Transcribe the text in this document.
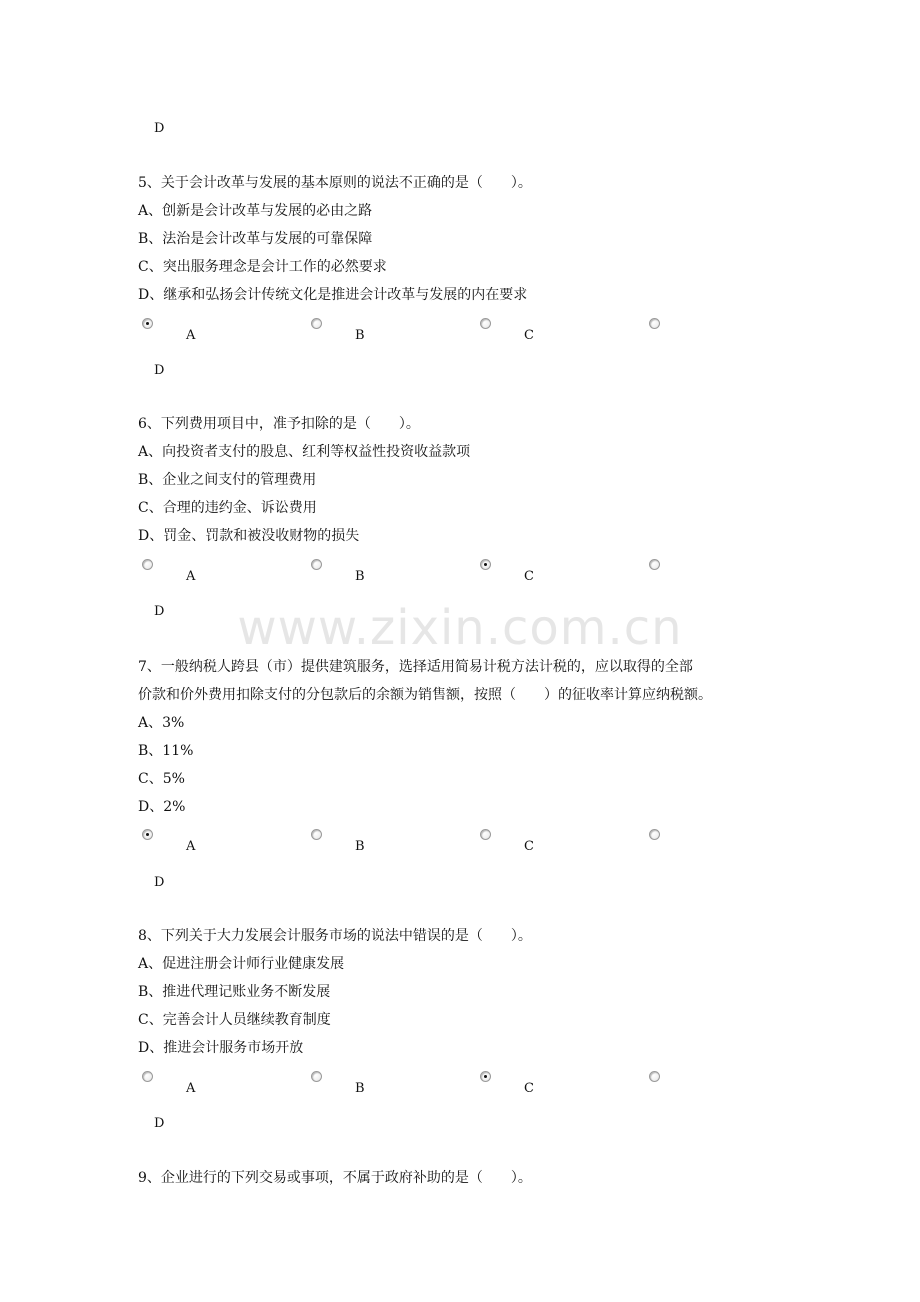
www.zixin.com.cn
D
5、关于会计改革与发展的基本原则的说法不正确的是（　　）。
A、创新是会计改革与发展的必由之路
B、法治是会计改革与发展的可靠保障
C、突出服务理念是会计工作的必然要求
D、继承和弘扬会计传统文化是推进会计改革与发展的内在要求
A	B	C
D
6、下列费用项目中，准予扣除的是（　　）。
A、向投资者支付的股息、红利等权益性投资收益款项
B、企业之间支付的管理费用
C、合理的违约金、诉讼费用
D、罚金、罚款和被没收财物的损失
A	B	C
D
7、一般纳税人跨县（市）提供建筑服务，选择适用简易计税方法计税的，应以取得的全部
价款和价外费用扣除支付的分包款后的余额为销售额，按照（　　）的征收率计算应纳税额。
A、3%
B、11%
C、5%
D、2%
A	B	C
D
8、下列关于大力发展会计服务市场的说法中错误的是（　　）。
A、促进注册会计师行业健康发展
B、推进代理记账业务不断发展
C、完善会计人员继续教育制度
D、推进会计服务市场开放
A	B	C
D
9、企业进行的下列交易或事项，不属于政府补助的是（　　）。
